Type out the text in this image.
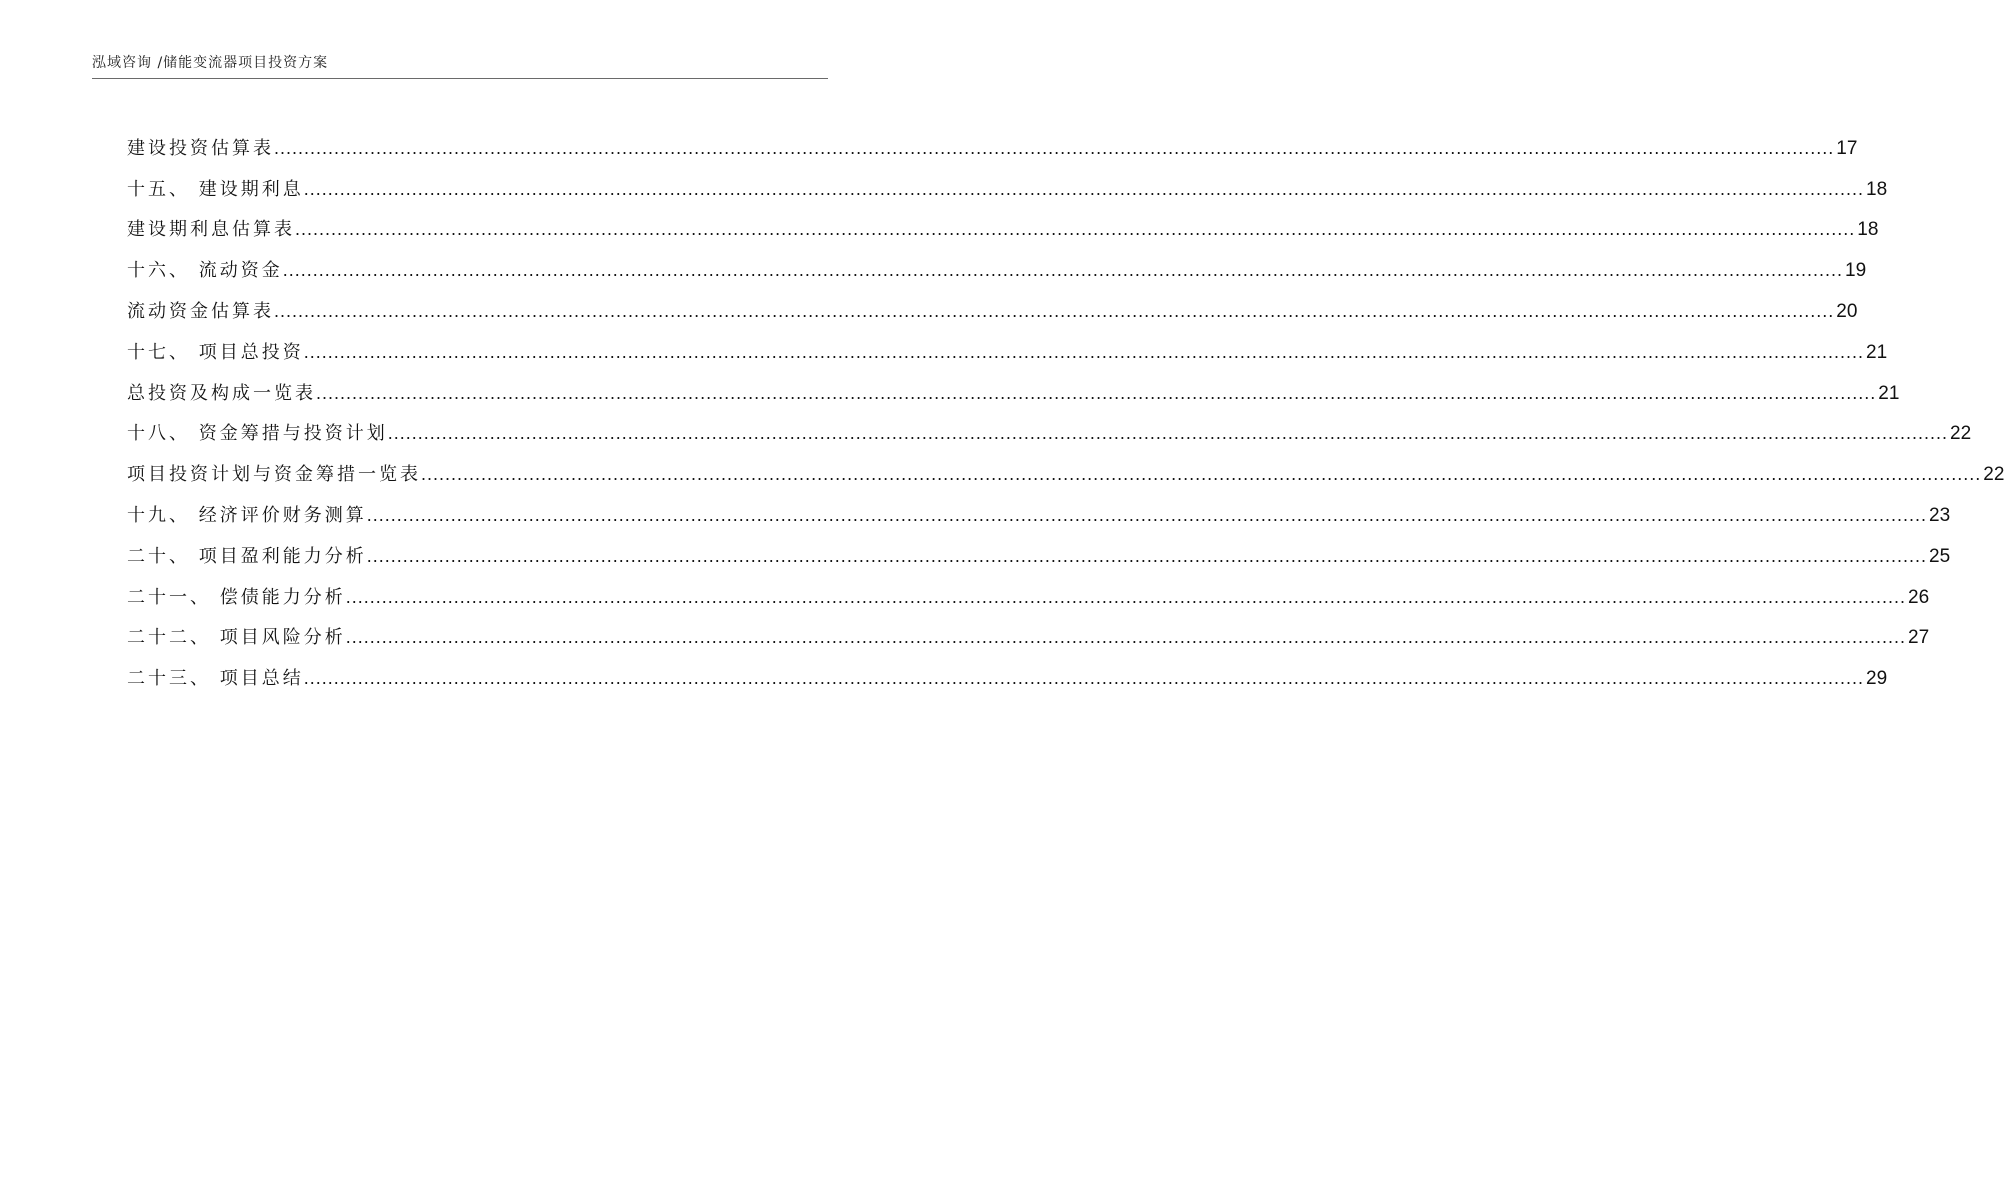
泓域咨询 /储能变流器项目投资方案
建设投资估算表 .................................................................................................................................................................................................................................................................... 17
十五、 建设期利息 .................................................................................................................................................................................................................................................................... 18
建设期利息估算表 .................................................................................................................................................................................................................................................................... 18
十六、 流动资金 .................................................................................................................................................................................................................................................................... 19
流动资金估算表 .................................................................................................................................................................................................................................................................... 20
十七、 项目总投资 .................................................................................................................................................................................................................................................................... 21
总投资及构成一览表 .................................................................................................................................................................................................................................................................... 21
十八、 资金筹措与投资计划 .................................................................................................................................................................................................................................................................... 22
项目投资计划与资金筹措一览表 .................................................................................................................................................................................................................................................................... 22
十九、 经济评价财务测算 .................................................................................................................................................................................................................................................................... 23
二十、 项目盈利能力分析 .................................................................................................................................................................................................................................................................... 25
二十一、 偿债能力分析 .................................................................................................................................................................................................................................................................... 26
二十二、 项目风险分析 .................................................................................................................................................................................................................................................................... 27
二十三、 项目总结 .................................................................................................................................................................................................................................................................... 29
